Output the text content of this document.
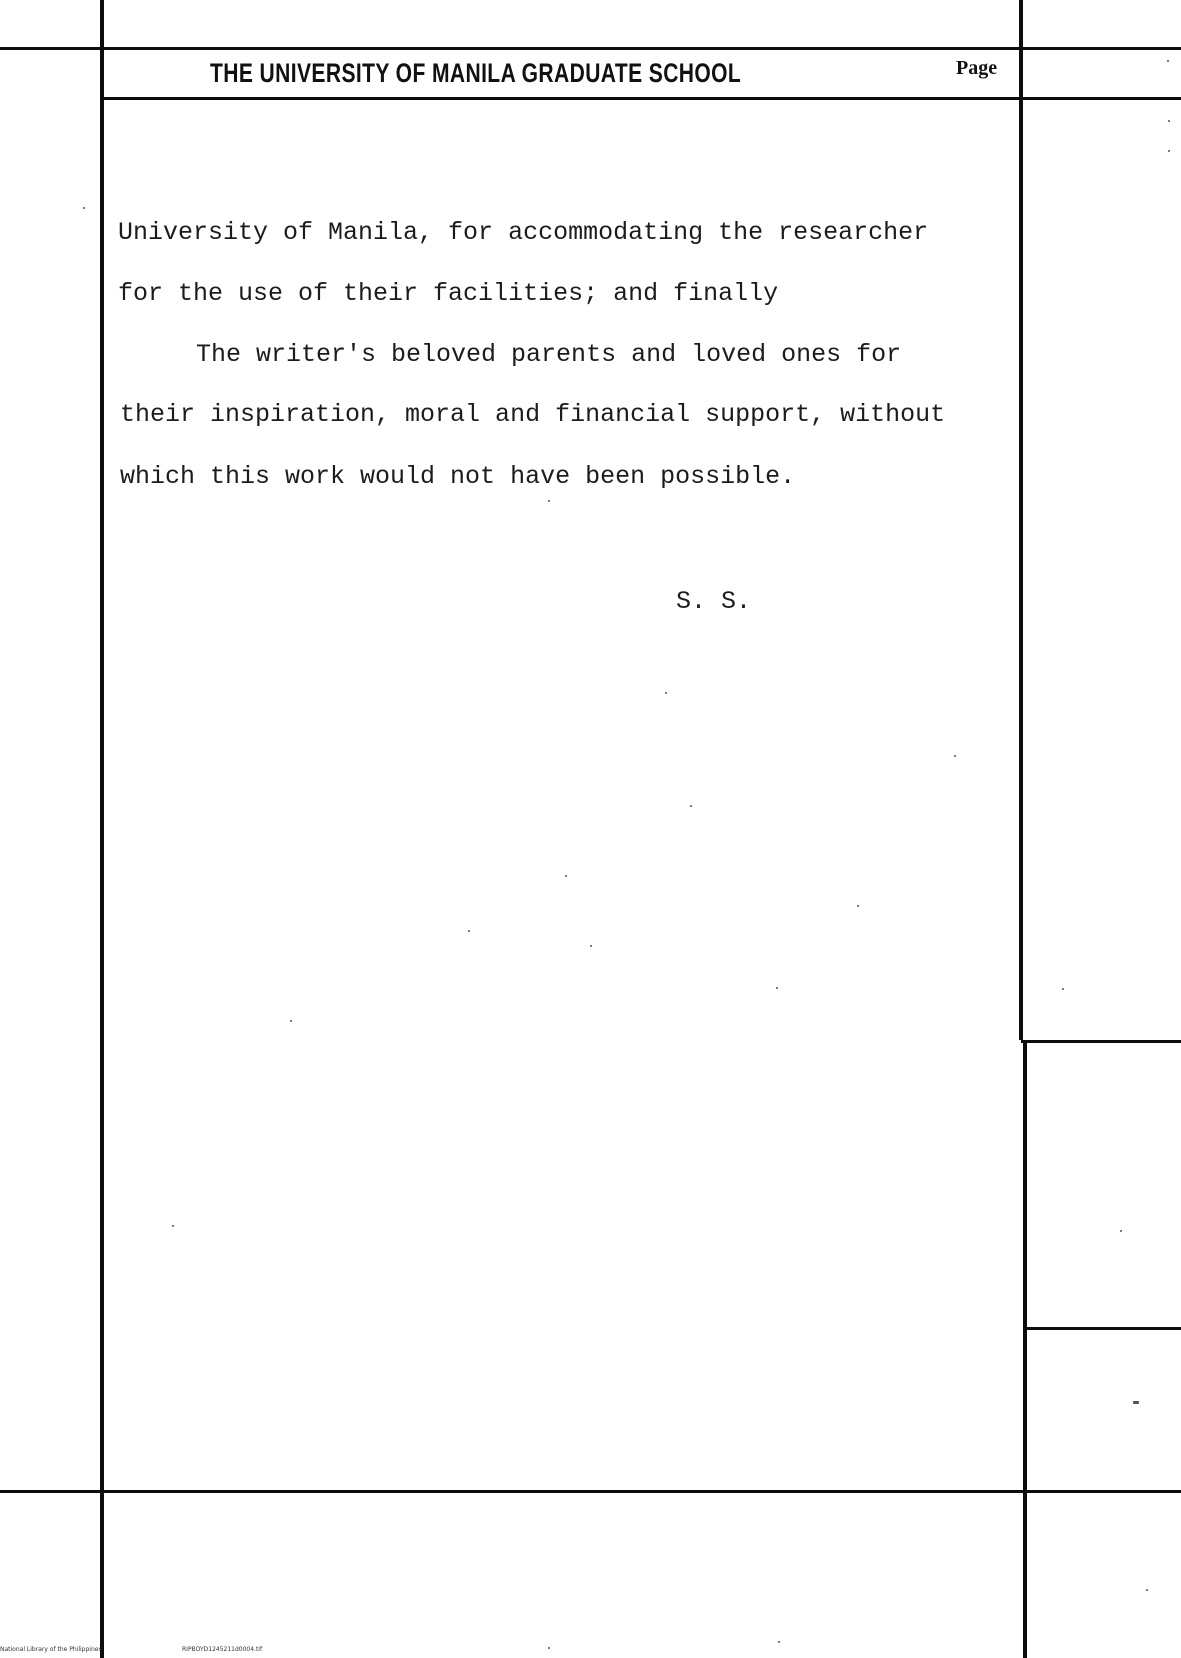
THE UNIVERSITY OF MANILA GRADUATE SCHOOL	Page
University of Manila, for accommodating the researcher
for the use of their facilities; and finally
The writer's beloved parents and loved ones for
their inspiration, moral and financial support, without
which this work would not have been possible.
S. S.
National Library of the Philippines	RIPBOYD1245211d0004.tif
